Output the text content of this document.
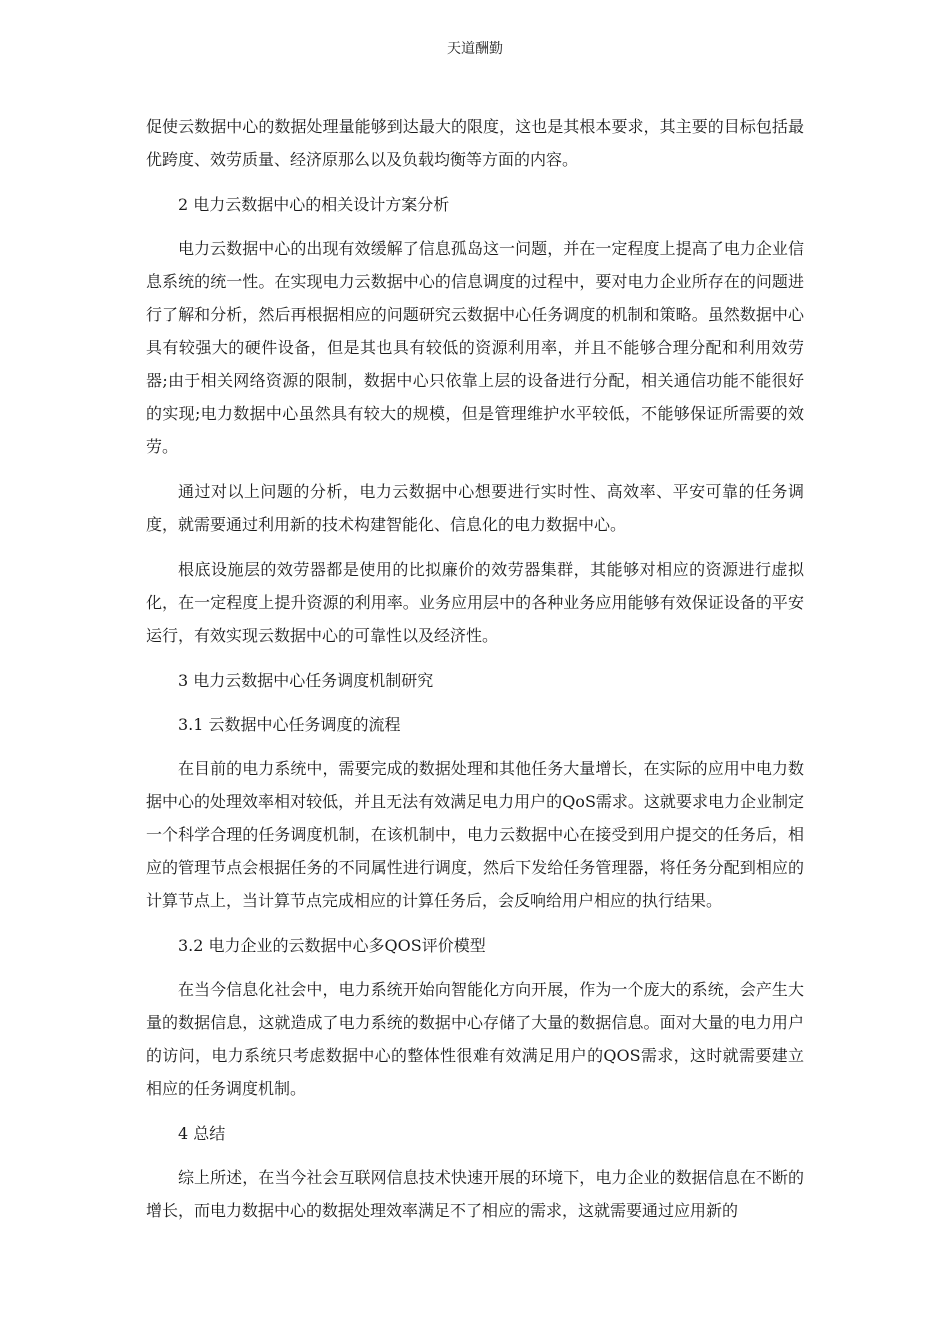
天道酬勤

促使云数据中心的数据处理量能够到达最大的限度，这也是其根本要求，其主要的目标包括最优跨度、效劳质量、经济原那么以及负载均衡等方面的内容。

2 电力云数据中心的相关设计方案分析

电力云数据中心的出现有效缓解了信息孤岛这一问题，并在一定程度上提高了电力企业信息系统的统一性。在实现电力云数据中心的信息调度的过程中，要对电力企业所存在的问题进行了解和分析，然后再根据相应的问题研究云数据中心任务调度的机制和策略。虽然数据中心具有较强大的硬件设备，但是其也具有较低的资源利用率，并且不能够合理分配和利用效劳器;由于相关网络资源的限制，数据中心只依靠上层的设备进行分配，相关通信功能不能很好的实现;电力数据中心虽然具有较大的规模，但是管理维护水平较低，不能够保证所需要的效劳。

通过对以上问题的分析，电力云数据中心想要进行实时性、高效率、平安可靠的任务调度，就需要通过利用新的技术构建智能化、信息化的电力数据中心。

根底设施层的效劳器都是使用的比拟廉价的效劳器集群，其能够对相应的资源进行虚拟化，在一定程度上提升资源的利用率。业务应用层中的各种业务应用能够有效保证设备的平安运行，有效实现云数据中心的可靠性以及经济性。

3 电力云数据中心任务调度机制研究

3.1 云数据中心任务调度的流程

在目前的电力系统中，需要完成的数据处理和其他任务大量增长，在实际的应用中电力数据中心的处理效率相对较低，并且无法有效满足电力用户的QoS需求。这就要求电力企业制定一个科学合理的任务调度机制，在该机制中，电力云数据中心在接受到用户提交的任务后，相应的管理节点会根据任务的不同属性进行调度，然后下发给任务管理器，将任务分配到相应的计算节点上，当计算节点完成相应的计算任务后，会反响给用户相应的执行结果。

3.2 电力企业的云数据中心多QOS评价模型

在当今信息化社会中，电力系统开始向智能化方向开展，作为一个庞大的系统，会产生大量的数据信息，这就造成了电力系统的数据中心存储了大量的数据信息。面对大量的电力用户的访问，电力系统只考虑数据中心的整体性很难有效满足用户的QOS需求，这时就需要建立相应的任务调度机制。

4 总结

综上所述，在当今社会互联网信息技术快速开展的环境下，电力企业的数据信息在不断的增长，而电力数据中心的数据处理效率满足不了相应的需求，这就需要通过应用新的
